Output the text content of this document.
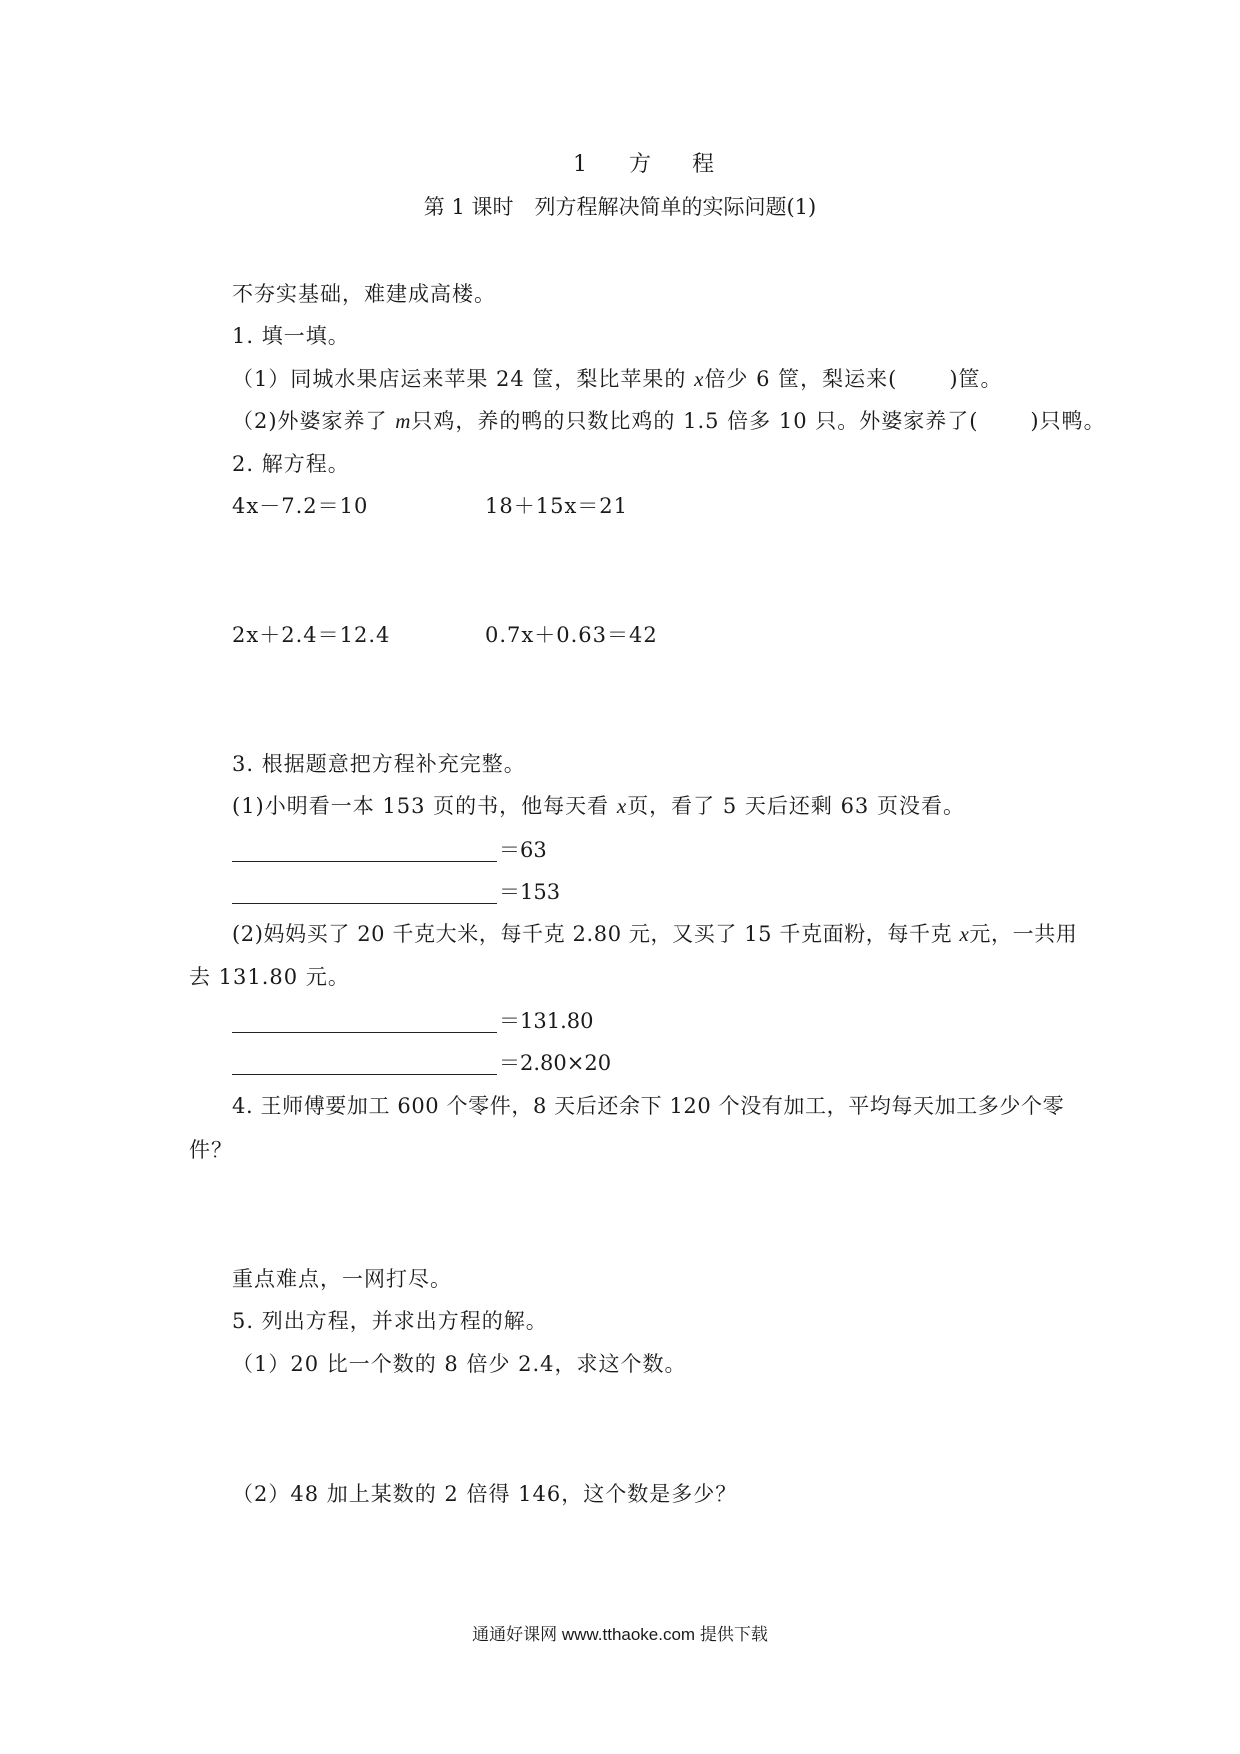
1 方 程
第 1 课时　列方程解决简单的实际问题(1)
不夯实基础，难建成高楼。
1. 填一填。
（1）同城水果店运来苹果 24 筐，梨比苹果的 x倍少 6 筐，梨运来( )筐。
（2)外婆家养了 m只鸡，养的鸭的只数比鸡的 1.5 倍多 10 只。外婆家养了( )只鸭。
2. 解方程。
4x－7.2＝10	18＋15x＝21
2x＋2.4＝12.4	0.7x＋0.63＝42
3. 根据题意把方程补充完整。
(1)小明看一本 153 页的书，他每天看 x页，看了 5 天后还剩 63 页没看。
＝63
＝153
(2)妈妈买了 20 千克大米，每千克 2.80 元，又买了 15 千克面粉，每千克 x元，一共用
去 131.80 元。
＝131.80
＝2.80×20
4. 王师傅要加工 600 个零件，8 天后还余下 120 个没有加工，平均每天加工多少个零
件？
重点难点，一网打尽。
5. 列出方程，并求出方程的解。
（1）20 比一个数的 8 倍少 2.4，求这个数。
（2）48 加上某数的 2 倍得 146，这个数是多少？
通通好课网 www.tthaoke.com 提供下载
